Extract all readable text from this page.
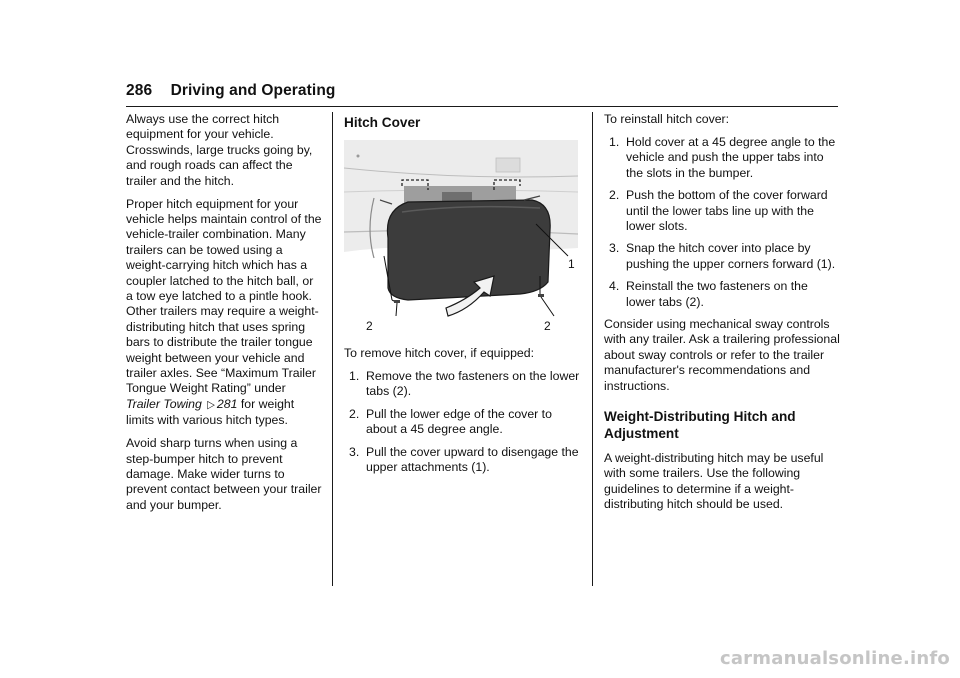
286 Driving and Operating

Always use the correct hitch equipment for your vehicle. Crosswinds, large trucks going by, and rough roads can affect the trailer and the hitch.

Proper hitch equipment for your vehicle helps maintain control of the vehicle-trailer combination. Many trailers can be towed using a weight-carrying hitch which has a coupler latched to the hitch ball, or a tow eye latched to a pintle hook. Other trailers may require a weight-distributing hitch that uses spring bars to distribute the trailer tongue weight between your vehicle and trailer axles. See “Maximum Trailer Tongue Weight Rating” under Trailer Towing ▷ 281 for weight limits with various hitch types.

Avoid sharp turns when using a step-bumper hitch to prevent damage. Make wider turns to prevent contact between your trailer and your bumper.

Hitch Cover
1
2	2

To remove hitch cover, if equipped:

1. Remove the two fasteners on the lower tabs (2).
2. Pull the lower edge of the cover to about a 45 degree angle.
3. Pull the cover upward to disengage the upper attachments (1).

To reinstall hitch cover:

1. Hold cover at a 45 degree angle to the vehicle and push the upper tabs into the slots in the bumper.
2. Push the bottom of the cover forward until the lower tabs line up with the lower slots.
3. Snap the hitch cover into place by pushing the upper corners forward (1).
4. Reinstall the two fasteners on the lower tabs (2).

Consider using mechanical sway controls with any trailer. Ask a trailering professional about sway controls or refer to the trailer manufacturer's recommendations and instructions.

Weight-Distributing Hitch and Adjustment

A weight-distributing hitch may be useful with some trailers. Use the following guidelines to determine if a weight-distributing hitch should be used.

carmanualsonline.info
